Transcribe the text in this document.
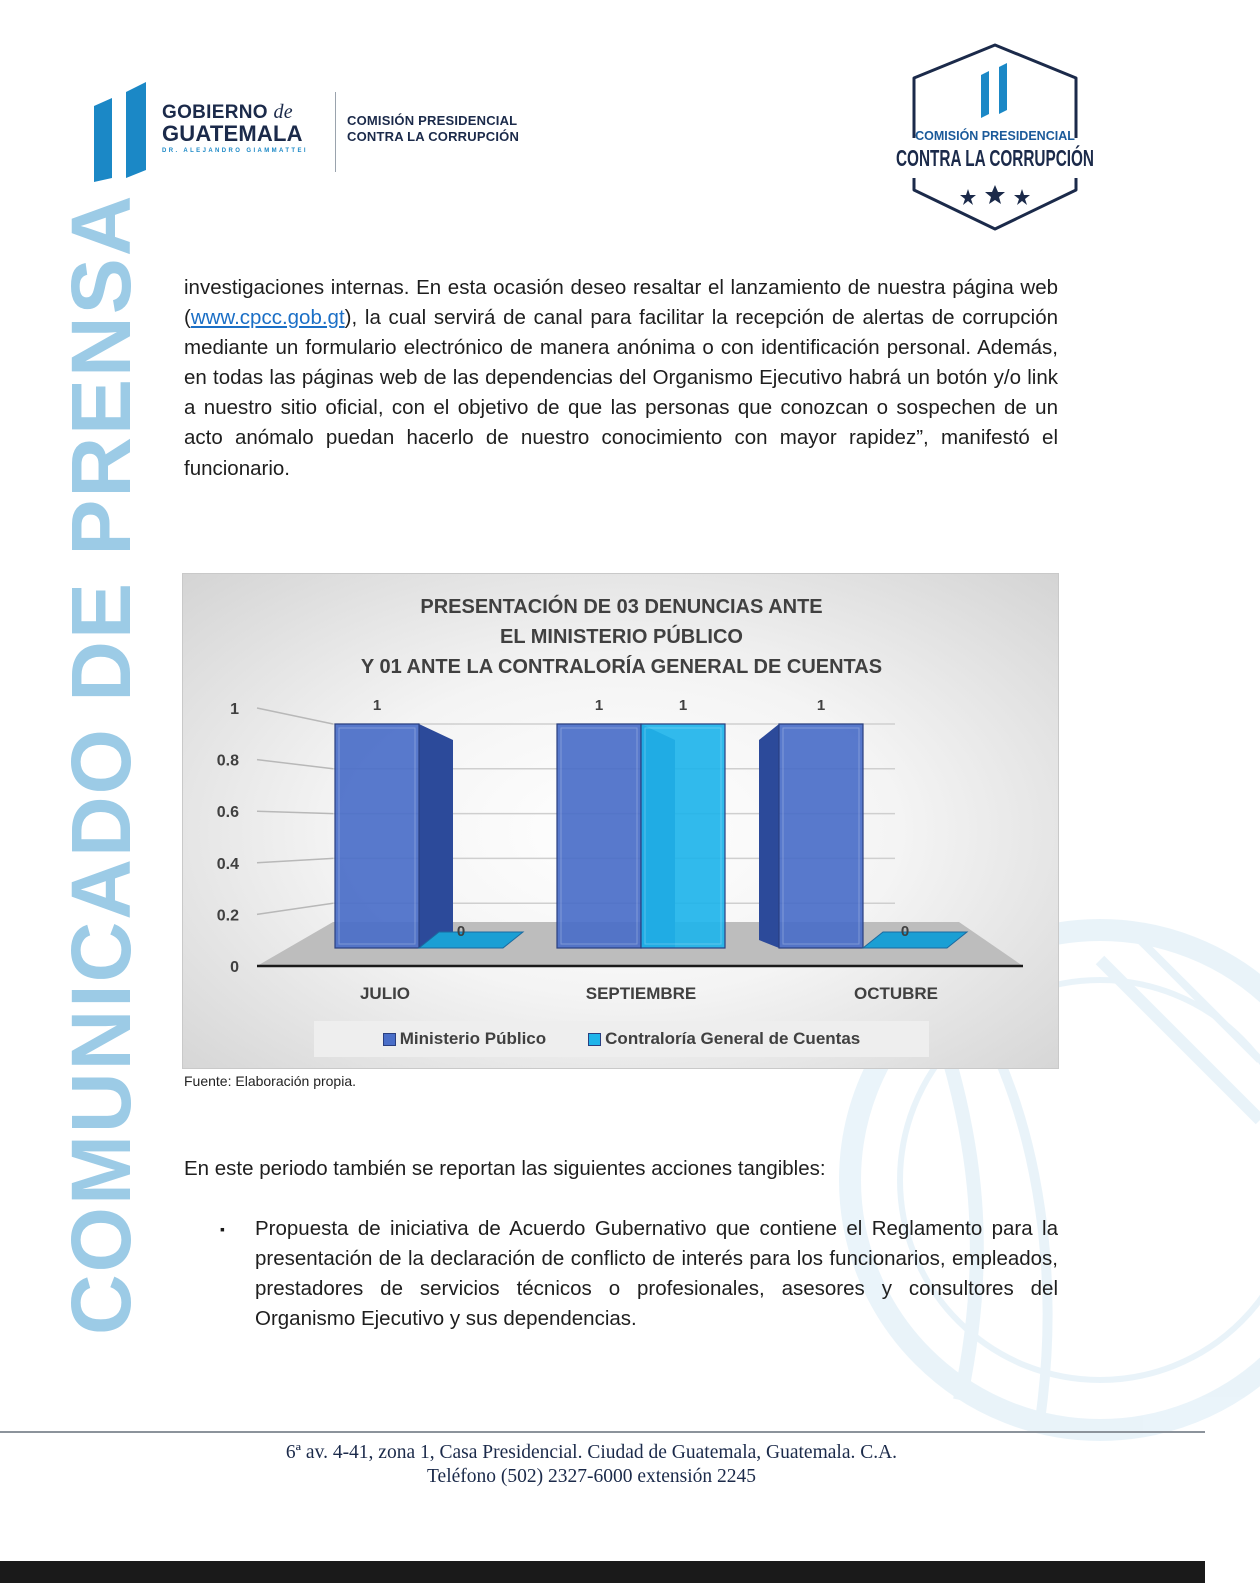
GOBIERNO de
GUATEMALA
DR. ALEJANDRO GIAMMATTEI
COMISIÓN PRESIDENCIAL
CONTRA LA CORRUPCIÓN	COMISIÓN PRESIDENCIAL
CONTRA LA CORRUPCIÓN
COMUNICADO DE PRENSA investigaciones internas. En esta ocasión deseo resaltar el lanzamiento de nuestra página web (www.cpcc.gob.gt), la cual servirá de canal para facilitar la recepción de alertas de corrupción mediante un formulario electrónico de manera anónima o con identificación personal. Además, en todas las páginas web de las dependencias del Organismo Ejecutivo habrá un botón y/o link a nuestro sitio oficial, con el objetivo de que las personas que conozcan o sospechen de un acto anómalo puedan hacerlo de nuestro conocimiento con mayor rapidez”, manifestó el funcionario.
PRESENTACIÓN DE 03 DENUNCIAS ANTE
EL MINISTERIO PÚBLICO
Y 01 ANTE LA CONTRALORÍA GENERAL DE CUENTAS
0
0.2
0.4
0.6
0.8
1	1
0
JULIO
1	1
SEPTIEMBRE
1
0
OCTUBRE
Ministerio Público	Contraloría General de Cuentas
Fuente: Elaboración propia.
En este periodo también se reportan las siguientes acciones tangibles:
▪ Propuesta de iniciativa de Acuerdo Gubernativo que contiene el Reglamento para la presentación de la declaración de conflicto de interés para los funcionarios, empleados, prestadores de servicios técnicos o profesionales, asesores y consultores del Organismo Ejecutivo y sus dependencias.
6ª av. 4-41, zona 1, Casa Presidencial. Ciudad de Guatemala, Guatemala. C.A.
Teléfono (502) 2327-6000 extensión 2245
